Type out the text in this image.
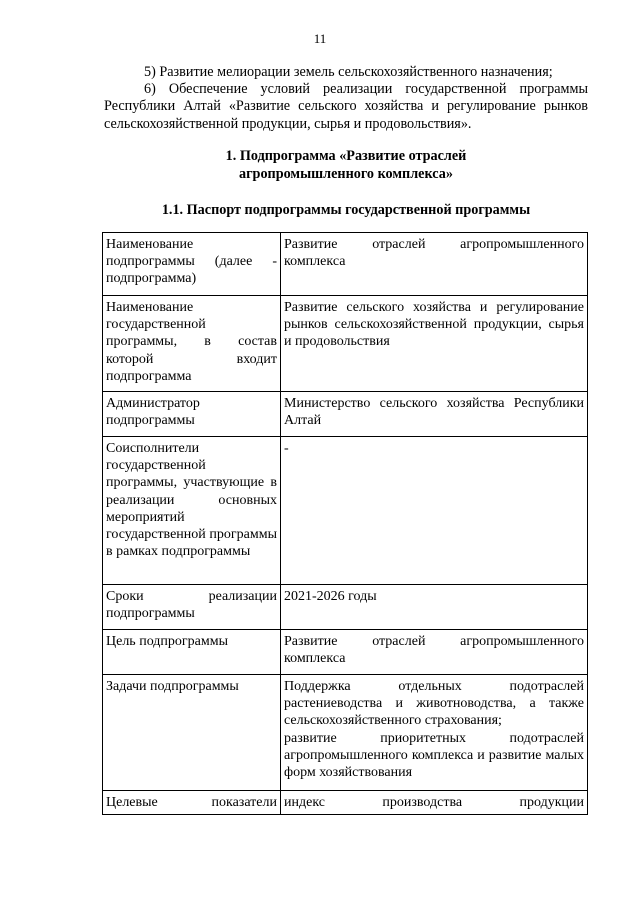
11

5) Развитие мелиорации земель сельскохозяйственного назначения;

6) Обеспечение условий реализации государственной программы Республики Алтай «Развитие сельского хозяйства и регулирование рынков сельскохозяйственной продукции, сырья и продовольствия».

1. Подпрограмма «Развитие отраслей
агропромышленного комплекса»
1.1. Паспорт подпрограммы государственной программы
Наименование подпрограммы (далее - подпрограмма)	Развитие отраслей агропромышленного комплекса

Наименование государственной программы, в состав которой входит подпрограмма	Развитие сельского хозяйства и регулирование рынков сельскохозяйственной продукции, сырья и продовольствия

Администратор подпрограммы	Министерство сельского хозяйства Республики Алтай

Соисполнители государственной программы, участвующие в реализации основных мероприятий государственной программы в рамках подпрограммы	-

Сроки реализации подпрограммы	2021-2026 годы

Цель подпрограммы	Развитие отраслей агропромышленного комплекса

Задачи подпрограммы	Поддержка отдельных подотраслей растениеводства и животноводства, а также сельскохозяйственного страхования;
развитие приоритетных подотраслей агропромышленного комплекса и развитие малых форм хозяйствования

Целевые показатели	индекс производства продукции
